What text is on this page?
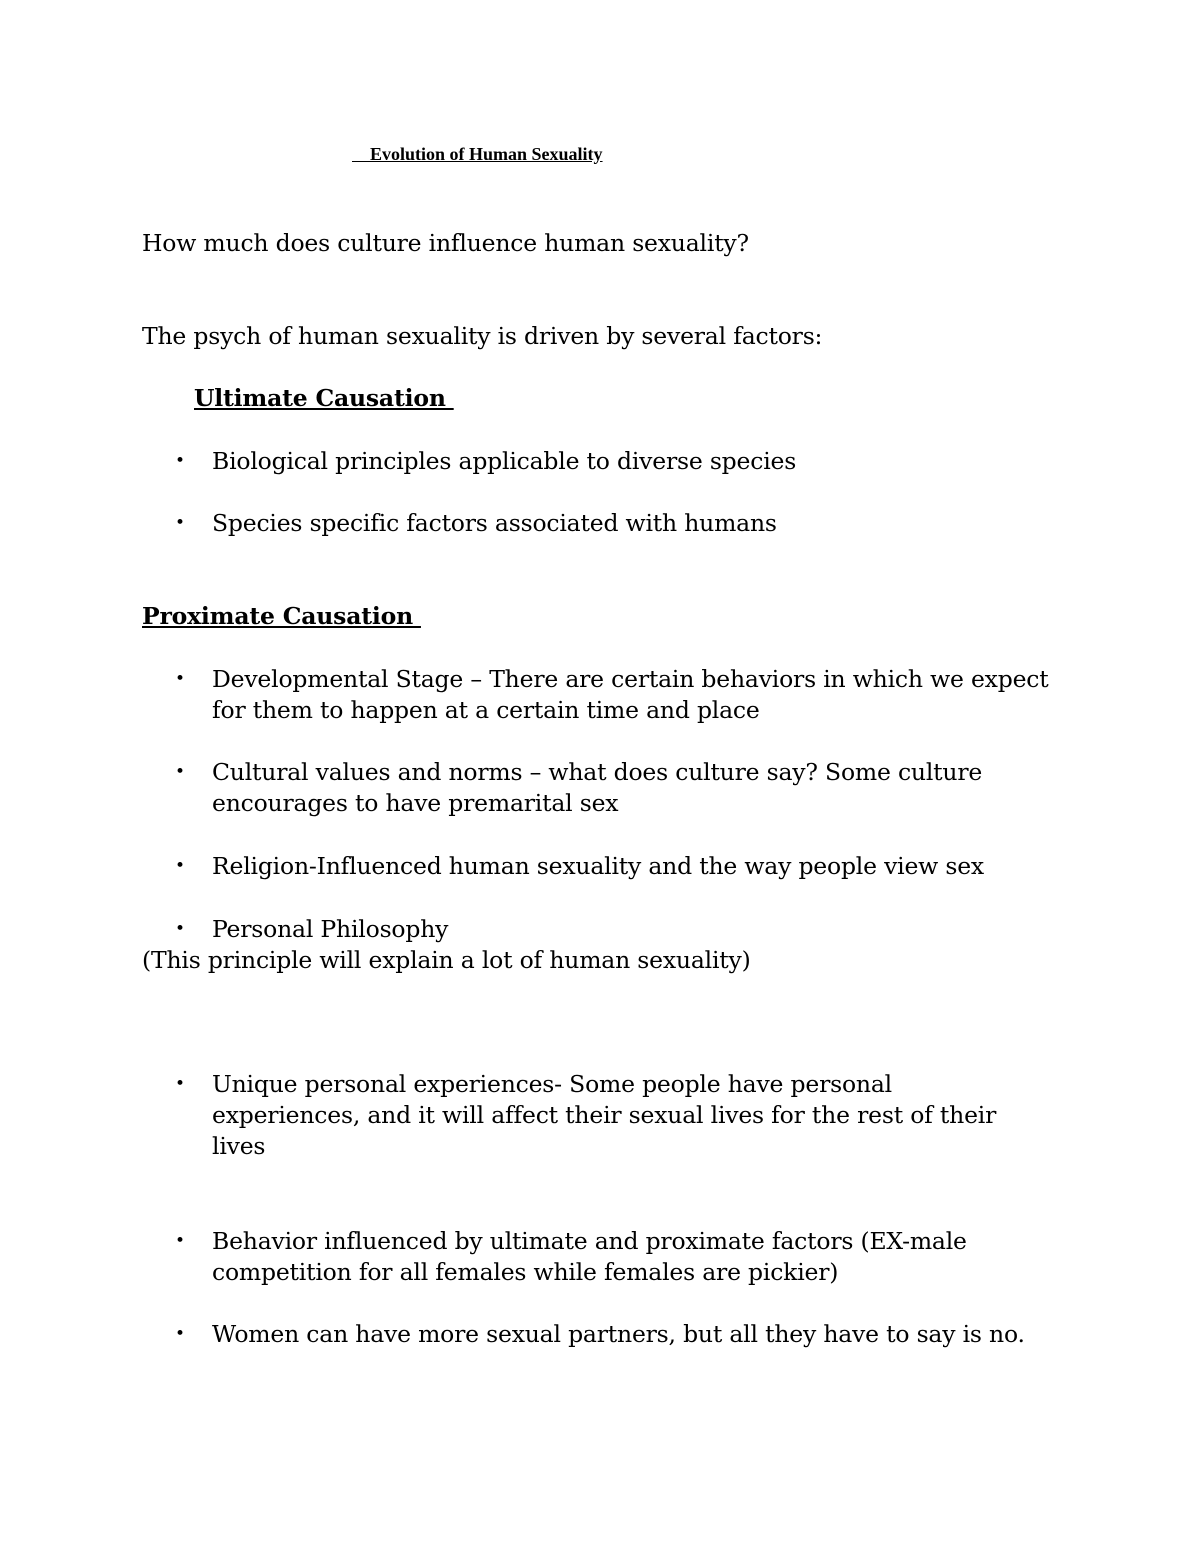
Evolution of Human Sexuality
How much does culture influence human sexuality?
The psych of human sexuality is driven by several factors:
Ultimate Causation
• Biological principles applicable to diverse species
• Species specific factors associated with humans
Proximate Causation
• Developmental Stage – There are certain behaviors in which we expect
for them to happen at a certain time and place
• Cultural values and norms – what does culture say? Some culture
encourages to have premarital sex
• Religion-Influenced human sexuality and the way people view sex
• Personal Philosophy
(This principle will explain a lot of human sexuality)
• Unique personal experiences- Some people have personal
experiences, and it will affect their sexual lives for the rest of their
lives
• Behavior influenced by ultimate and proximate factors (EX-male
competition for all females while females are pickier)
• Women can have more sexual partners, but all they have to say is no.
